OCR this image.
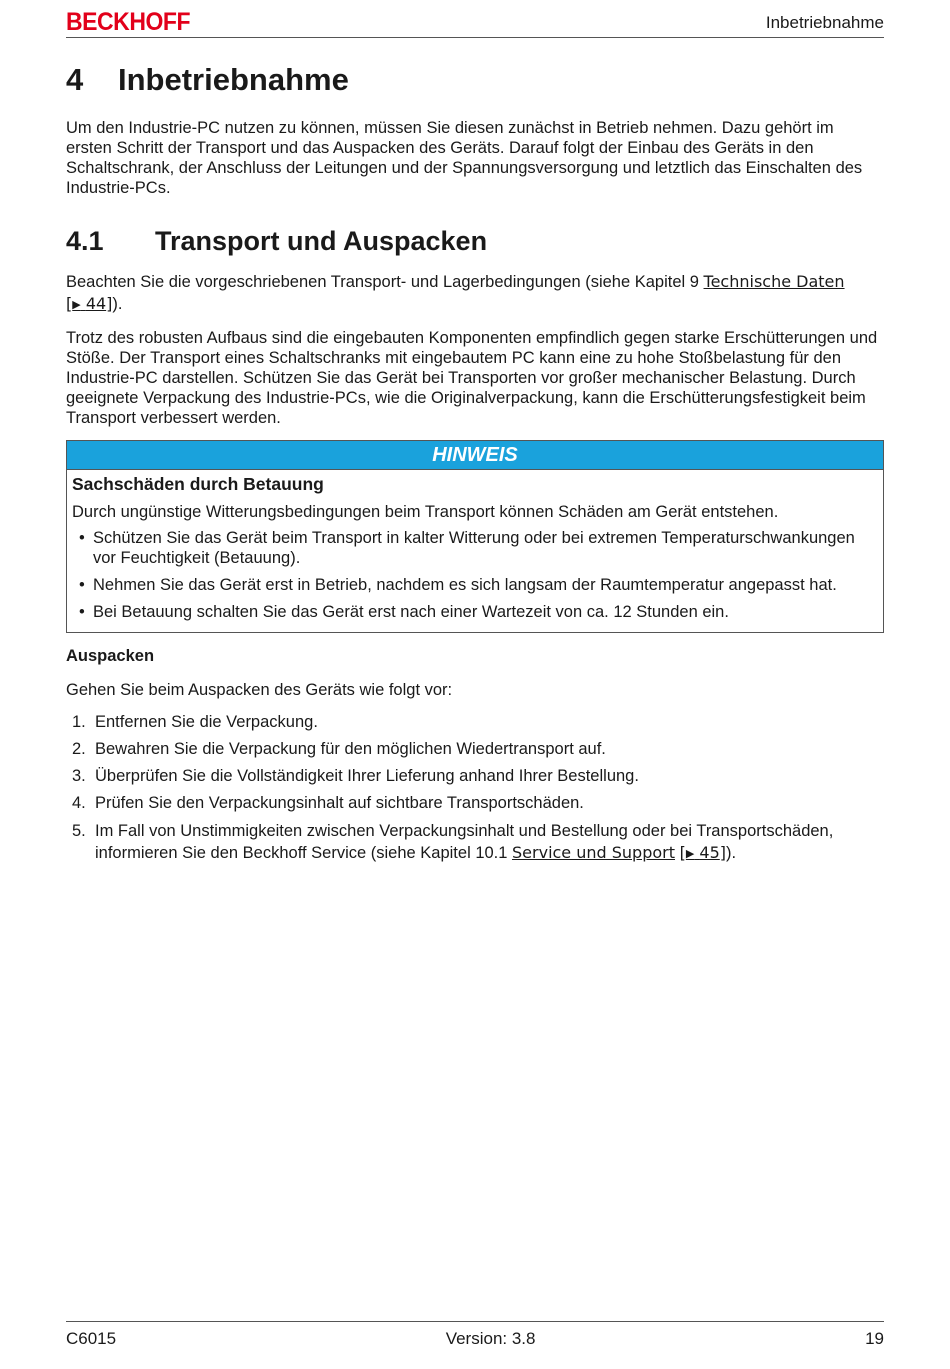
BECKHOFF	Inbetriebnahme
4	Inbetriebnahme

Um den Industrie-PC nutzen zu können, müssen Sie diesen zunächst in Betrieb nehmen. Dazu gehört im ersten Schritt der Transport und das Auspacken des Geräts. Darauf folgt der Einbau des Geräts in den Schaltschrank, der Anschluss der Leitungen und der Spannungsversorgung und letztlich das Einschalten des Industrie-PCs.

4.1	Transport und Auspacken

Beachten Sie die vorgeschriebenen Transport- und Lagerbedingungen (siehe Kapitel 9 Technische Daten
[▶ 44]).

Trotz des robusten Aufbaus sind die eingebauten Komponenten empfindlich gegen starke Erschütterungen und Stöße. Der Transport eines Schaltschranks mit eingebautem PC kann eine zu hohe Stoßbelastung für den Industrie-PC darstellen. Schützen Sie das Gerät bei Transporten vor großer mechanischer Belastung. Durch geeignete Verpackung des Industrie-PCs, wie die Originalverpackung, kann die Erschütterungsfestigkeit beim Transport verbessert werden.

HINWEIS
Sachschäden durch Betauung
Durch ungünstige Witterungsbedingungen beim Transport können Schäden am Gerät entstehen.
• Schützen Sie das Gerät beim Transport in kalter Witterung oder bei extremen Temperaturschwankungen vor Feuchtigkeit (Betauung).
• Nehmen Sie das Gerät erst in Betrieb, nachdem es sich langsam der Raumtemperatur angepasst hat.
• Bei Betauung schalten Sie das Gerät erst nach einer Wartezeit von ca. 12 Stunden ein.
Auspacken

Gehen Sie beim Auspacken des Geräts wie folgt vor:

1. Entfernen Sie die Verpackung.
2. Bewahren Sie die Verpackung für den möglichen Wiedertransport auf.
3. Überprüfen Sie die Vollständigkeit Ihrer Lieferung anhand Ihrer Bestellung.
4. Prüfen Sie den Verpackungsinhalt auf sichtbare Transportschäden.
5. Im Fall von Unstimmigkeiten zwischen Verpackungsinhalt und Bestellung oder bei Transportschäden, informieren Sie den Beckhoff Service (siehe Kapitel 10.1 Service und Support [▶ 45]).
C6015	Version: 3.8	19
